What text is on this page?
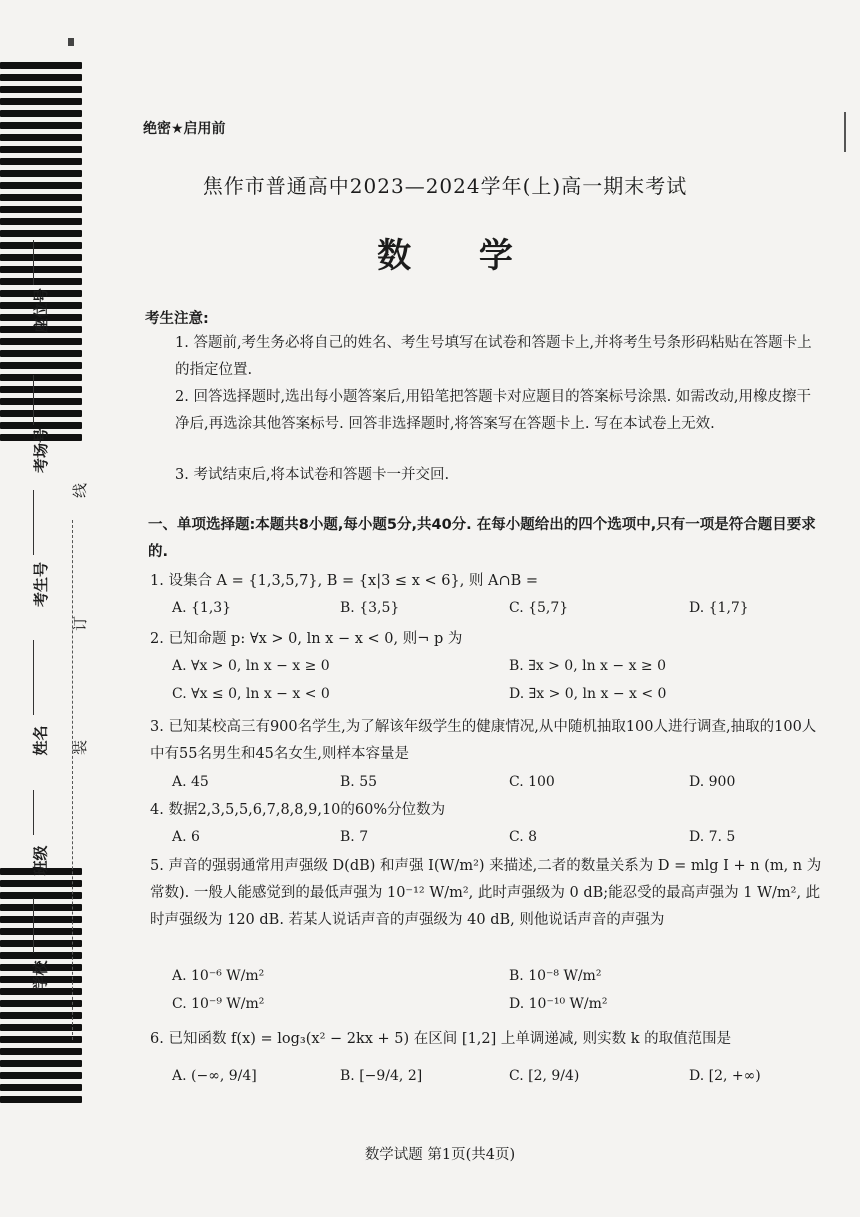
座位号
考场号
考生号
姓名
班级
学校
线
订
装
绝密★启用前
焦作市普通高中2023—2024学年(上)高一期末考试
数 学
考生注意:
1. 答题前,考生务必将自己的姓名、考生号填写在试卷和答题卡上,并将考生号条形码粘贴在答题卡上的指定位置.
2. 回答选择题时,选出每小题答案后,用铅笔把答题卡对应题目的答案标号涂黑. 如需改动,用橡皮擦干净后,再选涂其他答案标号. 回答非选择题时,将答案写在答题卡上. 写在本试卷上无效.
3. 考试结束后,将本试卷和答题卡一并交回.
一、单项选择题:本题共8小题,每小题5分,共40分. 在每小题给出的四个选项中,只有一项是符合题目要求的.
1. 设集合 A = {1,3,5,7}, B = {x|3 ≤ x < 6}, 则 A∩B =
A. {1,3}	B. {3,5}	C. {5,7}	D. {1,7}
2. 已知命题 p: ∀x > 0, ln x − x < 0, 则¬ p 为
A. ∀x > 0, ln x − x ≥ 0	B. ∃x > 0, ln x − x ≥ 0
C. ∀x ≤ 0, ln x − x < 0	D. ∃x > 0, ln x − x < 0
3. 已知某校高三有900名学生,为了解该年级学生的健康情况,从中随机抽取100人进行调查,抽取的100人中有55名男生和45名女生,则样本容量是
A. 45	B. 55	C. 100	D. 900
4. 数据2,3,5,5,6,7,8,8,9,10的60%分位数为
A. 6	B. 7	C. 8	D. 7. 5
5. 声音的强弱通常用声强级 D(dB) 和声强 I(W/m²) 来描述,二者的数量关系为 D = mlg I + n (m, n 为常数). 一般人能感觉到的最低声强为 10⁻¹² W/m², 此时声强级为 0 dB;能忍受的最高声强为 1 W/m², 此时声强级为 120 dB. 若某人说话声音的声强级为 40 dB, 则他说话声音的声强为
A. 10⁻⁶ W/m²	B. 10⁻⁸ W/m²
C. 10⁻⁹ W/m²	D. 10⁻¹⁰ W/m²
6. 已知函数 f(x) = log₃(x² − 2kx + 5) 在区间 [1,2] 上单调递减, 则实数 k 的取值范围是
A. (−∞, 9/4]	B. [−9/4, 2]	C. [2, 9/4)	D. [2, +∞)
数学试题 第1页(共4页)
